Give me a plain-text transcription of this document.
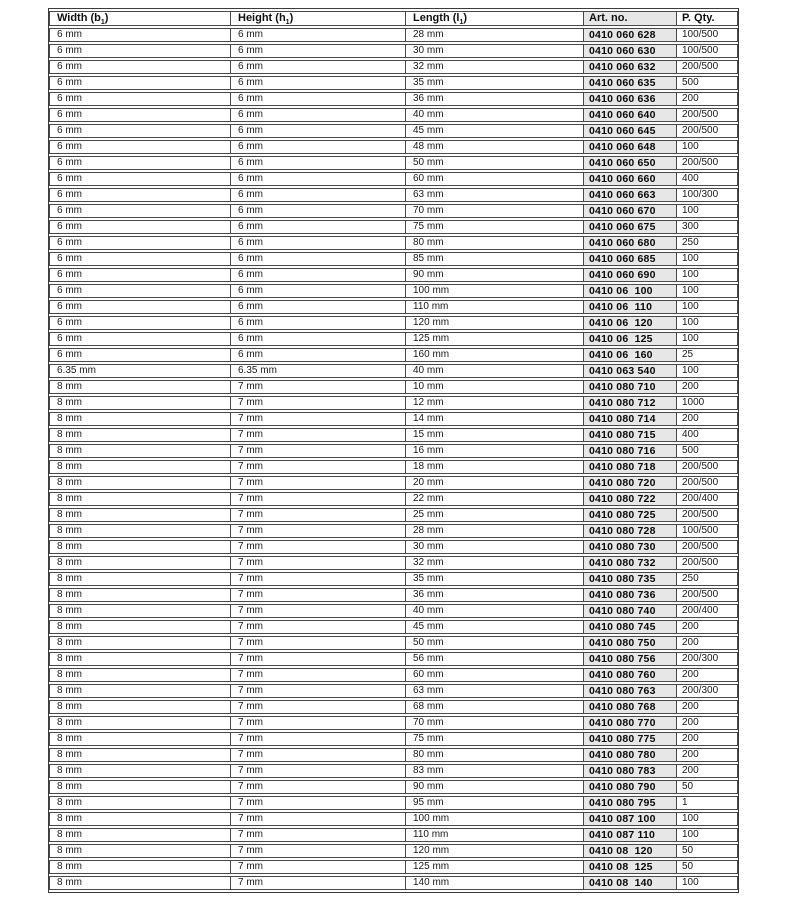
Width $(b_1)$	Height $(h_1)$	Length $(l_1)$	Art. no.	P. Qty.
6 mm	6 mm	28 mm	0410 060 628	100/500
6 mm	6 mm	30 mm	0410 060 630	100/500
6 mm	6 mm	32 mm	0410 060 632	200/500
6 mm	6 mm	35 mm	0410 060 635	500
6 mm	6 mm	36 mm	0410 060 636	200
6 mm	6 mm	40 mm	0410 060 640	200/500
6 mm	6 mm	45 mm	0410 060 645	200/500
6 mm	6 mm	48 mm	0410 060 648	100
6 mm	6 mm	50 mm	0410 060 650	200/500
6 mm	6 mm	60 mm	0410 060 660	400
6 mm	6 mm	63 mm	0410 060 663	100/300
6 mm	6 mm	70 mm	0410 060 670	100
6 mm	6 mm	75 mm	0410 060 675	300
6 mm	6 mm	80 mm	0410 060 680	250
6 mm	6 mm	85 mm	0410 060 685	100
6 mm	6 mm	90 mm	0410 060 690	100
6 mm	6 mm	100 mm	0410 06  100	100
6 mm	6 mm	110 mm	0410 06  110	100
6 mm	6 mm	120 mm	0410 06  120	100
6 mm	6 mm	125 mm	0410 06  125	100
6 mm	6 mm	160 mm	0410 06  160	25
6.35 mm	6.35 mm	40 mm	0410 063 540	100
8 mm	7 mm	10 mm	0410 080 710	200
8 mm	7 mm	12 mm	0410 080 712	1000
8 mm	7 mm	14 mm	0410 080 714	200
8 mm	7 mm	15 mm	0410 080 715	400
8 mm	7 mm	16 mm	0410 080 716	500
8 mm	7 mm	18 mm	0410 080 718	200/500
8 mm	7 mm	20 mm	0410 080 720	200/500
8 mm	7 mm	22 mm	0410 080 722	200/400
8 mm	7 mm	25 mm	0410 080 725	200/500
8 mm	7 mm	28 mm	0410 080 728	100/500
8 mm	7 mm	30 mm	0410 080 730	200/500
8 mm	7 mm	32 mm	0410 080 732	200/500
8 mm	7 mm	35 mm	0410 080 735	250
8 mm	7 mm	36 mm	0410 080 736	200/500
8 mm	7 mm	40 mm	0410 080 740	200/400
8 mm	7 mm	45 mm	0410 080 745	200
8 mm	7 mm	50 mm	0410 080 750	200
8 mm	7 mm	56 mm	0410 080 756	200/300
8 mm	7 mm	60 mm	0410 080 760	200
8 mm	7 mm	63 mm	0410 080 763	200/300
8 mm	7 mm	68 mm	0410 080 768	200
8 mm	7 mm	70 mm	0410 080 770	200
8 mm	7 mm	75 mm	0410 080 775	200
8 mm	7 mm	80 mm	0410 080 780	200
8 mm	7 mm	83 mm	0410 080 783	200
8 mm	7 mm	90 mm	0410 080 790	50
8 mm	7 mm	95 mm	0410 080 795	1
8 mm	7 mm	100 mm	0410 087 100	100
8 mm	7 mm	110 mm	0410 087 110	100
8 mm	7 mm	120 mm	0410 08  120	50
8 mm	7 mm	125 mm	0410 08  125	50
8 mm	7 mm	140 mm	0410 08  140	100
